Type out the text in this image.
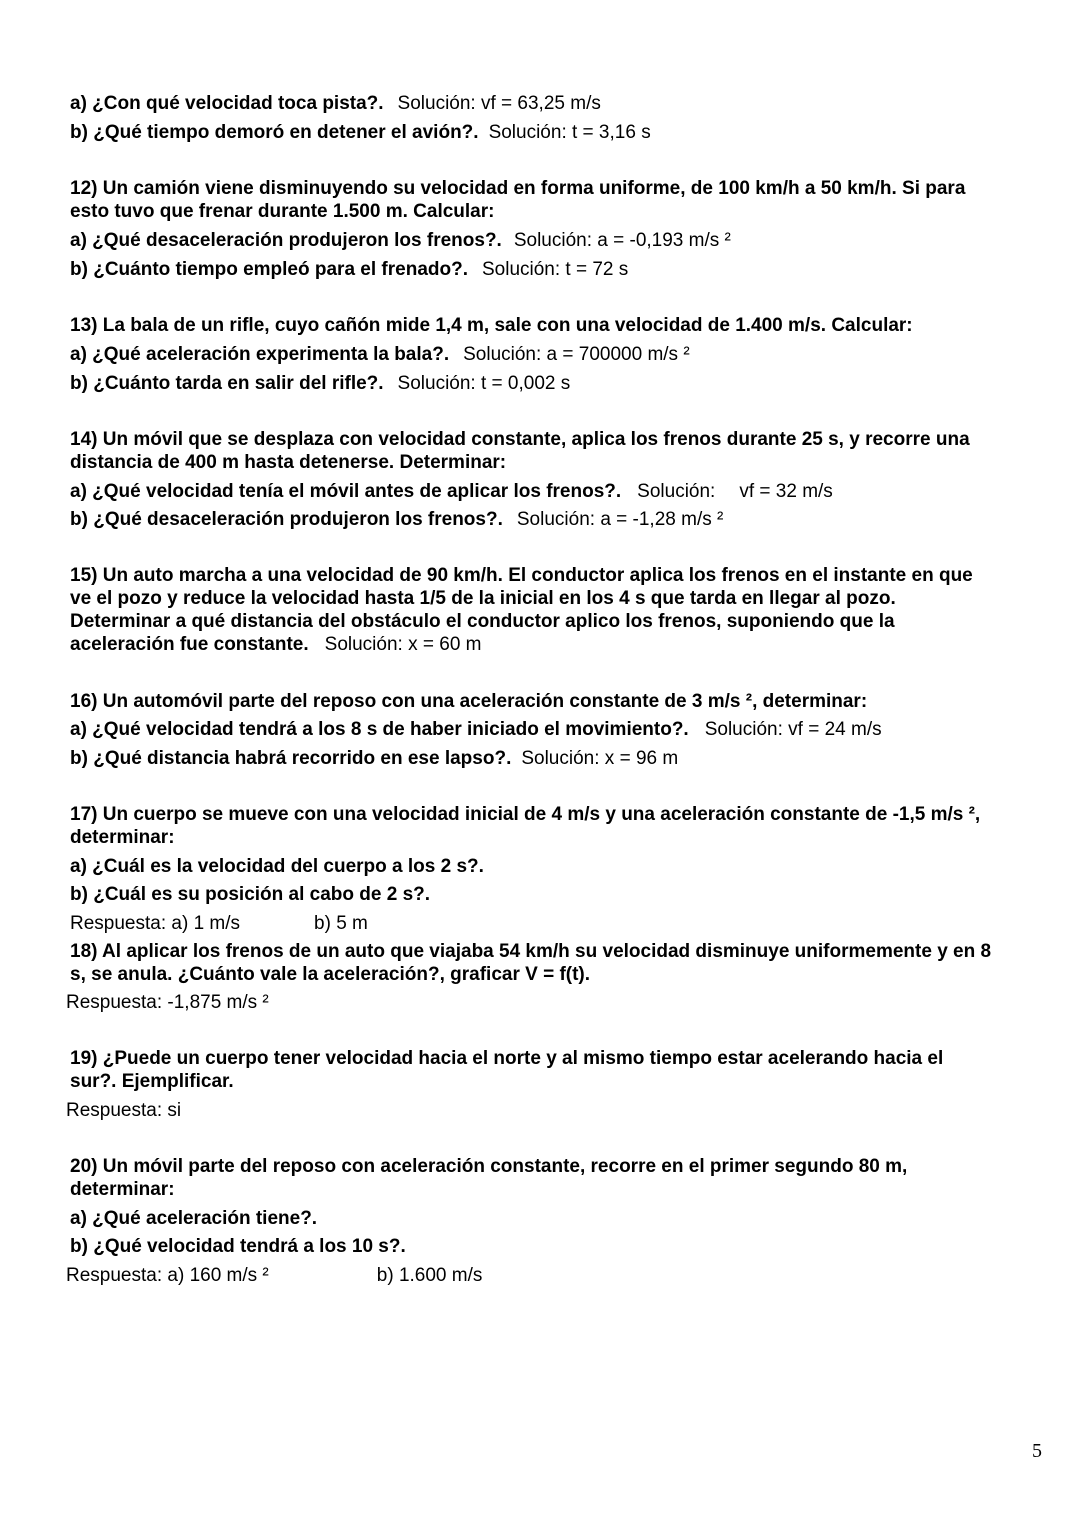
a) ¿Con qué velocidad toca pista?. Solución: vf = 63,25 m/s
b) ¿Qué tiempo demoró en detener el avión?. Solución: t = 3,16 s
12) Un camión viene disminuyendo su velocidad en forma uniforme, de 100 km/h a 50 km/h. Si para
esto tuvo que frenar durante 1.500 m. Calcular:
a) ¿Qué desaceleración produjeron los frenos?. Solución: a = -0,193 m/s ²
b) ¿Cuánto tiempo empleó para el frenado?. Solución: t = 72 s
13) La bala de un rifle, cuyo cañón mide 1,4 m, sale con una velocidad de 1.400 m/s. Calcular:
a) ¿Qué aceleración experimenta la bala?. Solución: a = 700000 m/s ²
b) ¿Cuánto tarda en salir del rifle?. Solución: t = 0,002 s
14) Un móvil que se desplaza con velocidad constante, aplica los frenos durante 25 s, y recorre una
distancia de 400 m hasta detenerse. Determinar:
a) ¿Qué velocidad tenía el móvil antes de aplicar los frenos?. Solución: vf = 32 m/s
b) ¿Qué desaceleración produjeron los frenos?. Solución: a = -1,28 m/s ²
15) Un auto marcha a una velocidad de 90 km/h. El conductor aplica los frenos en el instante en que
ve el pozo y reduce la velocidad hasta 1/5 de la inicial en los 4 s que tarda en llegar al pozo.
Determinar a qué distancia del obstáculo el conductor aplico los frenos, suponiendo que la
aceleración fue constante. Solución: x = 60 m
16) Un automóvil parte del reposo con una aceleración constante de 3 m/s ², determinar:
a) ¿Qué velocidad tendrá a los 8 s de haber iniciado el movimiento?. Solución: vf = 24 m/s
b) ¿Qué distancia habrá recorrido en ese lapso?. Solución: x = 96 m
17) Un cuerpo se mueve con una velocidad inicial de 4 m/s y una aceleración constante de -1,5 m/s ²,
determinar:
a) ¿Cuál es la velocidad del cuerpo a los 2 s?.
b) ¿Cuál es su posición al cabo de 2 s?.
Respuesta: a) 1 m/s	b) 5 m
18) Al aplicar los frenos de un auto que viajaba 54 km/h su velocidad disminuye uniformemente y en 8
s, se anula. ¿Cuánto vale la aceleración?, graficar V = f(t).
Respuesta: -1,875 m/s ²
19) ¿Puede un cuerpo tener velocidad hacia el norte y al mismo tiempo estar acelerando hacia el
sur?. Ejemplificar.
Respuesta: si
20) Un móvil parte del reposo con aceleración constante, recorre en el primer segundo 80 m,
determinar:
a) ¿Qué aceleración tiene?.
b) ¿Qué velocidad tendrá a los 10 s?.
Respuesta: a) 160 m/s ²	b) 1.600 m/s
5
